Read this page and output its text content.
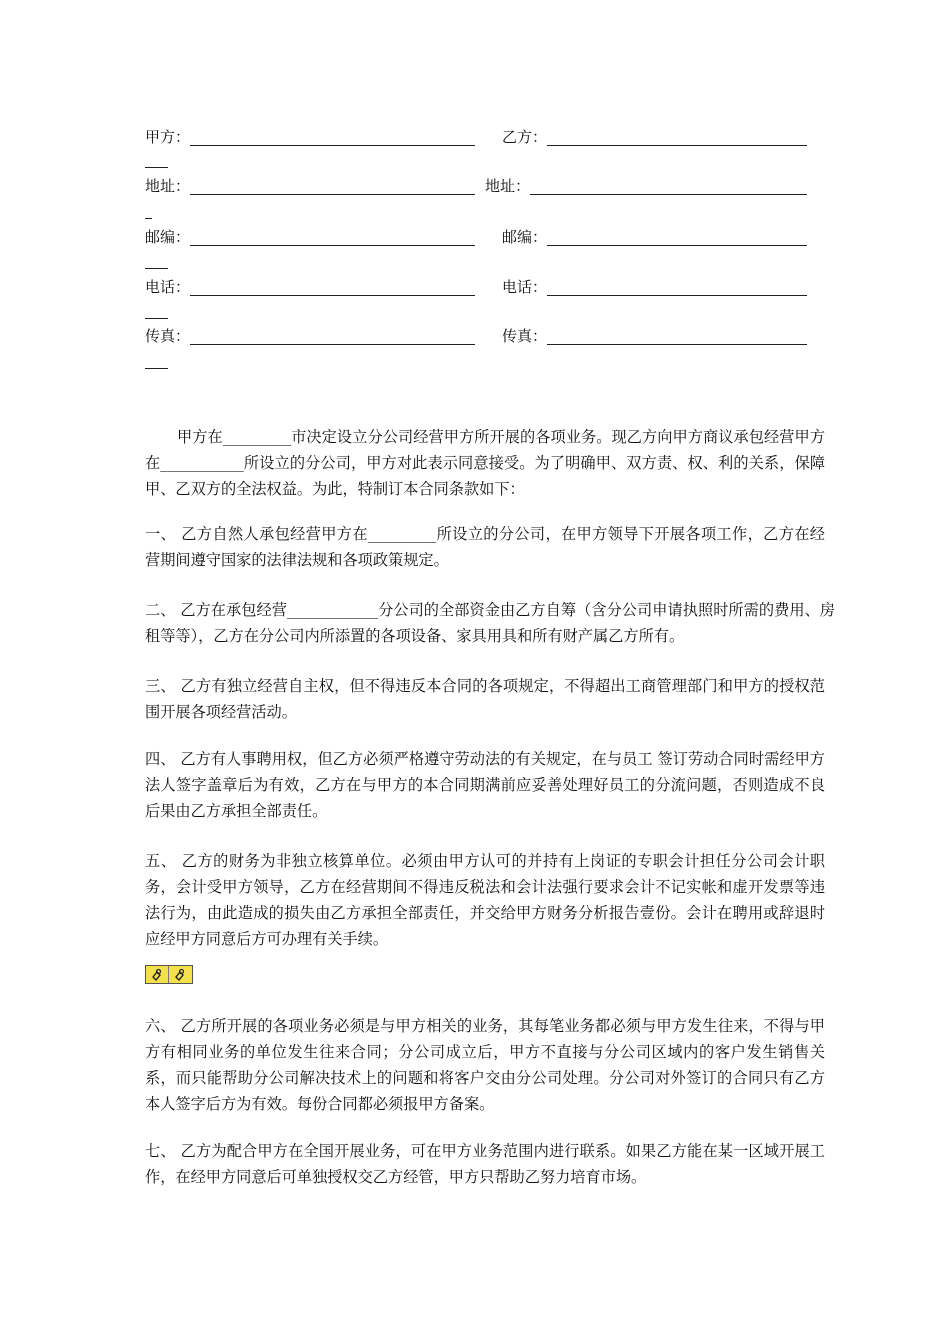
甲方：	乙方：
地址：	地址：
邮编：	邮编：
电话：	电话：
传真：	传真：

甲方在_________市决定设立分公司经营甲方所开展的各项业务。现乙方向甲方商议承包经营甲方在___________所设立的分公司，甲方对此表示同意接受。为了明确甲、双方责、权、利的关系，保障甲、乙双方的全法权益。为此，特制订本合同条款如下：

一、 乙方自然人承包经营甲方在_________所设立的分公司，在甲方领导下开展各项工作，乙方在经营期间遵守国家的法律法规和各项政策规定。

二、 乙方在承包经营____________分公司的全部资金由乙方自筹（含分公司申请执照时所需的费用、房租等等），乙方在分公司内所添置的各项设备、家具用具和所有财产属乙方所有。

三、 乙方有独立经营自主权，但不得违反本合同的各项规定，不得超出工商管理部门和甲方的授权范围开展各项经营活动。

四、 乙方有人事聘用权，但乙方必须严格遵守劳动法的有关规定，在与员工 签订劳动合同时需经甲方法人签字盖章后为有效，乙方在与甲方的本合同期满前应妥善处理好员工的分流问题，否则造成不良后果由乙方承担全部责任。

五、 乙方的财务为非独立核算单位。必须由甲方认可的并持有上岗证的专职会计担任分公司会计职务，会计受甲方领导，乙方在经营期间不得违反税法和会计法强行要求会计不记实帐和虚开发票等违法行为，由此造成的损失由乙方承担全部责任，并交给甲方财务分析报告壹份。会计在聘用或辞退时应经甲方同意后方可办理有关手续。

六、 乙方所开展的各项业务必须是与甲方相关的业务，其每笔业务都必须与甲方发生往来，不得与甲方有相同业务的单位发生往来合同；分公司成立后，甲方不直接与分公司区域内的客户发生销售关系，而只能帮助分公司解决技术上的问题和将客户交由分公司处理。分公司对外签订的合同只有乙方本人签字后方为有效。每份合同都必须报甲方备案。

七、 乙方为配合甲方在全国开展业务，可在甲方业务范围内进行联系。如果乙方能在某一区域开展工作，在经甲方同意后可单独授权交乙方经管，甲方只帮助乙努力培育市场。
